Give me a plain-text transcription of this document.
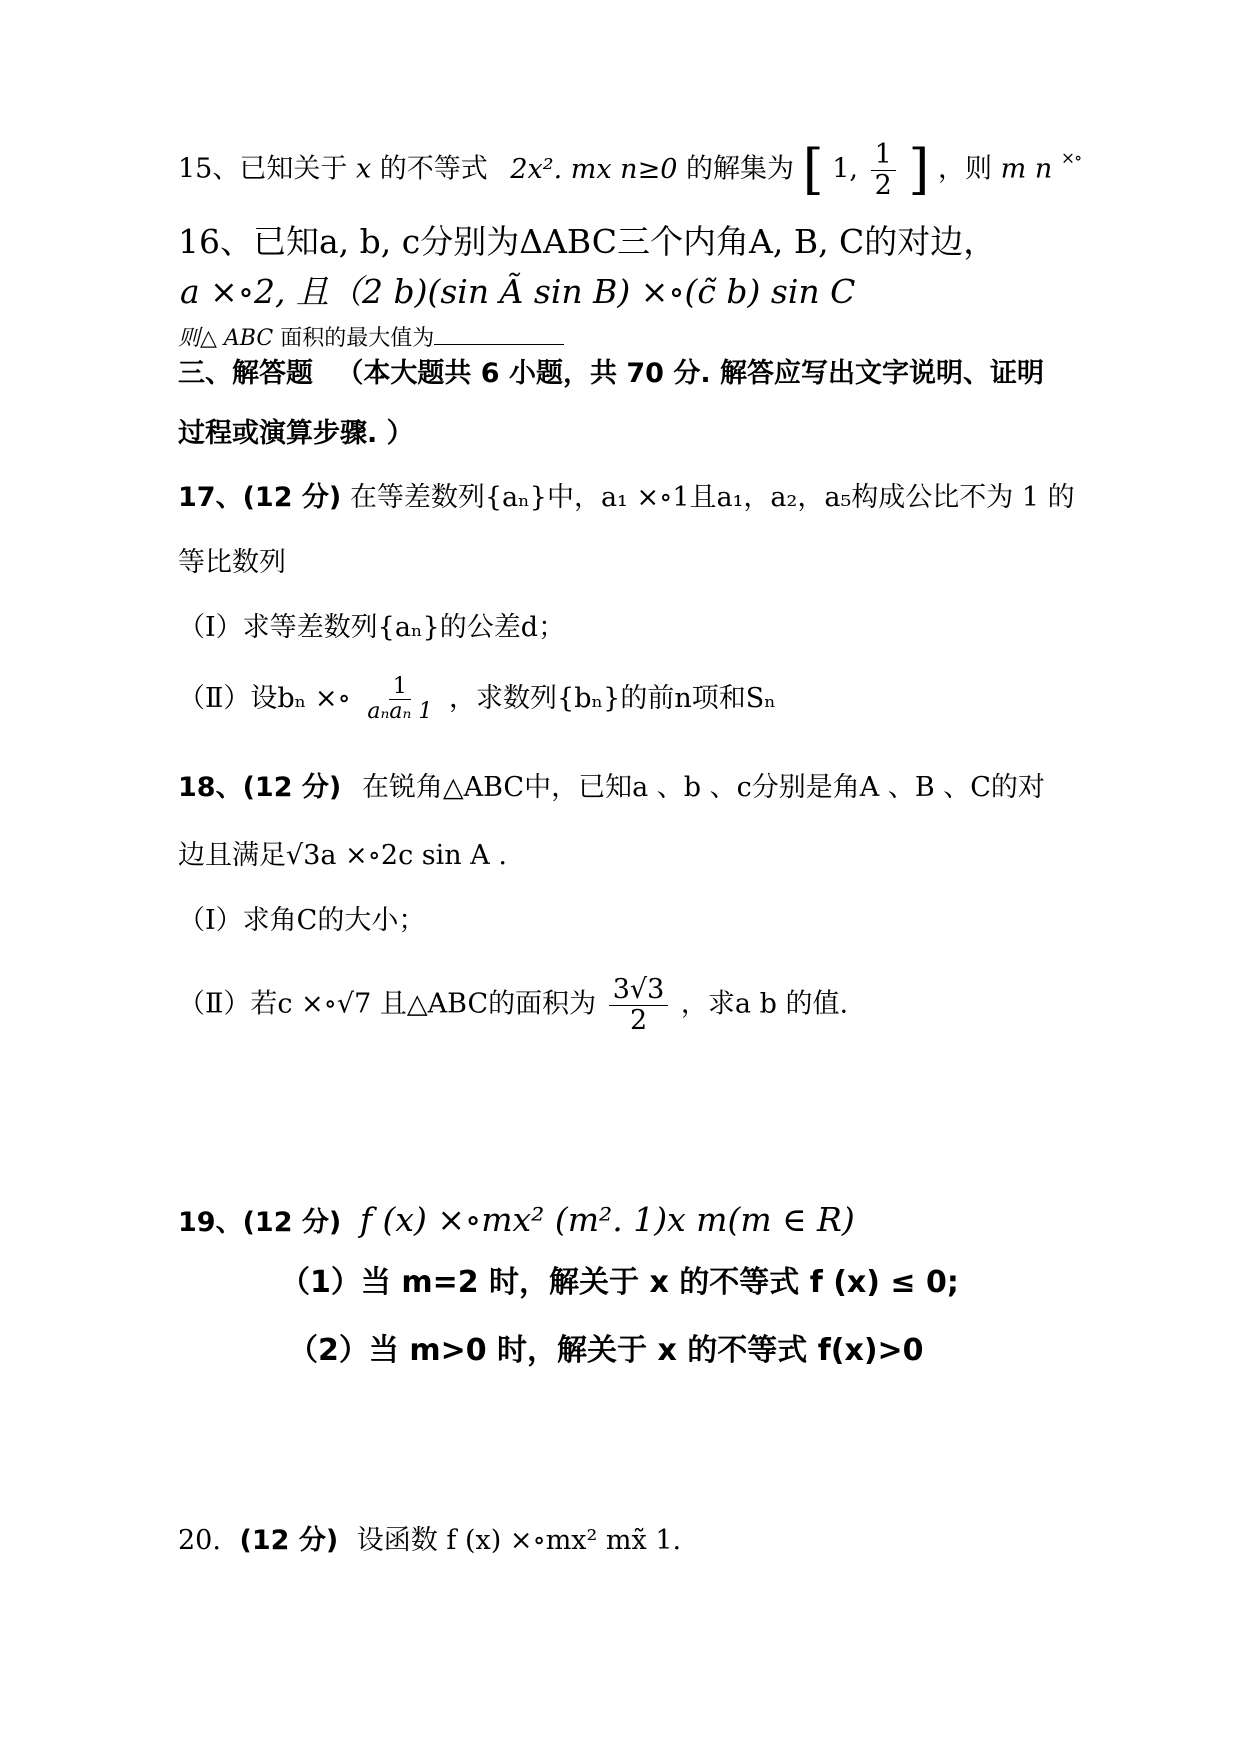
15、已知关于 x 的不等式 2x². mx n≥0 的解集为 [ 1, $\frac{1}{2}$ ] ，则 m n ×∘
16、已知a, b, c分别为ΔABC三个内角A, B, C的对边，
a ×∘2, 且（2 b)(sin Ã sin B) ×∘(c̃ b) sin C
则△ ABC 面积的最大值为
三、解答题 （本大题共 6 小题，共 70 分. 解答应写出文字说明、证明
过程或演算步骤. ）
17、(12 分) 在等差数列{aₙ}中，a₁ ×∘1且a₁，a₂，a₅构成公比不为 1 的
等比数列
（Ⅰ）求等差数列{aₙ}的公差d；
（Ⅱ）设bₙ ×∘ $\frac{1}{\text{aₙaₙ 1}}$ ，求数列{bₙ}的前n项和Sₙ
18、(12 分) 在锐角△ABC中，已知a 、b 、c分别是角A 、B 、C的对
边且满足√3a ×∘2c sin A .
（Ⅰ）求角C的大小；
（Ⅱ）若c ×∘√7 且△ABC的面积为 $\frac{3√3}{2}$ ，求a b 的值.
19、(12 分) f (x) ×∘mx² (m². 1)x m(m ∈ R)
（1）当 m=2 时，解关于 x 的不等式 f (x) ≤ 0;
（2）当 m>0 时，解关于 x 的不等式 f(x)>0
20. (12 分) 设函数 f (x) ×∘mx² mx̃ 1.
